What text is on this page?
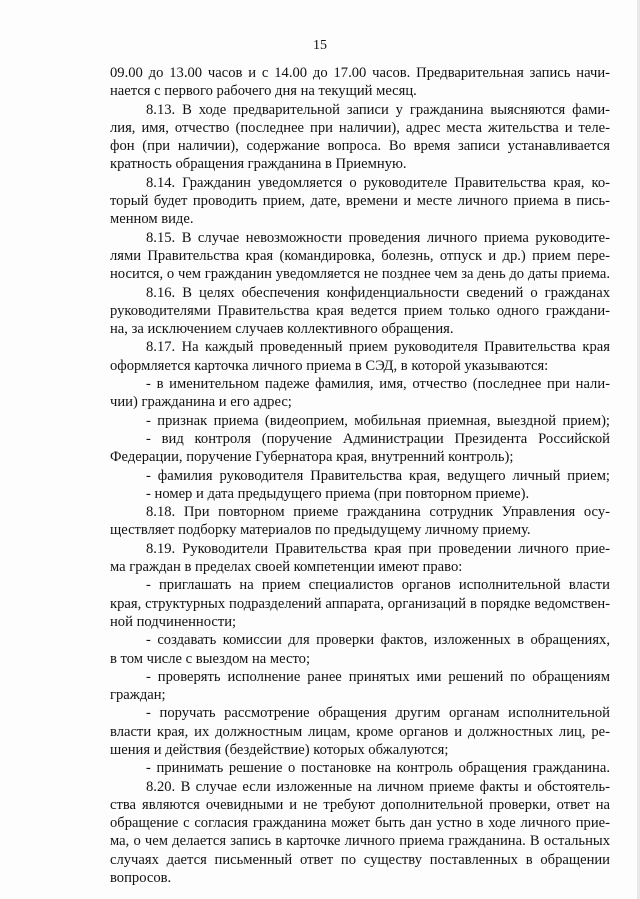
15
09.00 до 13.00 часов и с 14.00 до 17.00 часов. Предварительная запись начи-
нается с первого рабочего дня на текущий месяц.
8.13. В ходе предварительной записи у гражданина выясняются фами-
лия, имя, отчество (последнее при наличии), адрес места жительства и теле-
фон (при наличии), содержание вопроса. Во время записи устанавливается
кратность обращения гражданина в Приемную.
8.14. Гражданин уведомляется о руководителе Правительства края, ко-
торый будет проводить прием, дате, времени и месте личного приема в пись-
менном виде.
8.15. В случае невозможности проведения личного приема руководите-
лями Правительства края (командировка, болезнь, отпуск и др.) прием перe-
носится, о чем гражданин уведомляется не позднее чем за день до даты приема.
8.16. В целях обеспечения конфиденциальности сведений о гражданах
руководителями Правительства края ведется прием только одного граждани-
на, за исключением случаев коллективного обращения.
8.17. На каждый проведенный прием руководителя Правительства края
оформляется карточка личного приема в СЭД, в которой указываются:
- в именительном падеже фамилия, имя, отчество (последнее при нали-
чии) гражданина и его адрес;
- признак приема (видеоприем, мобильная приемная, выездной прием);
- вид контроля (поручение Администрации Президента Российской
Федерации, поручение Губернатора края, внутренний контроль);
- фамилия руководителя Правительства края, ведущего личный прием;
- номер и дата предыдущего приема (при повторном приеме).
8.18. При повторном приеме гражданина сотрудник Управления осу-
ществляет подборку материалов по предыдущему личному приему.
8.19. Руководители Правительства края при проведении личного прие-
ма граждан в пределах своей компетенции имеют право:
- приглашать на прием специалистов органов исполнительной власти
края, структурных подразделений аппарата, организаций в порядке ведомствен-
ной подчиненности;
- создавать комиссии для проверки фактов, изложенных в обращениях,
в том числе с выездом на место;
- проверять исполнение ранее принятых ими решений по обращениям
граждан;
- поручать рассмотрение обращения другим органам исполнительной
власти края, их должностным лицам, кроме органов и должностных лиц, ре-
шения и действия (бездействие) которых обжалуются;
- принимать решение о постановке на контроль обращения гражданина.
8.20. В случае если изложенные на личном приеме факты и обстоятель-
ства являются очевидными и не требуют дополнительной проверки, ответ на
обращение с согласия гражданина может быть дан устно в ходе личного прие-
ма, о чем делается запись в карточке личного приема гражданина. В остальных
случаях дается письменный ответ по существу поставленных в обращении
вопросов.
